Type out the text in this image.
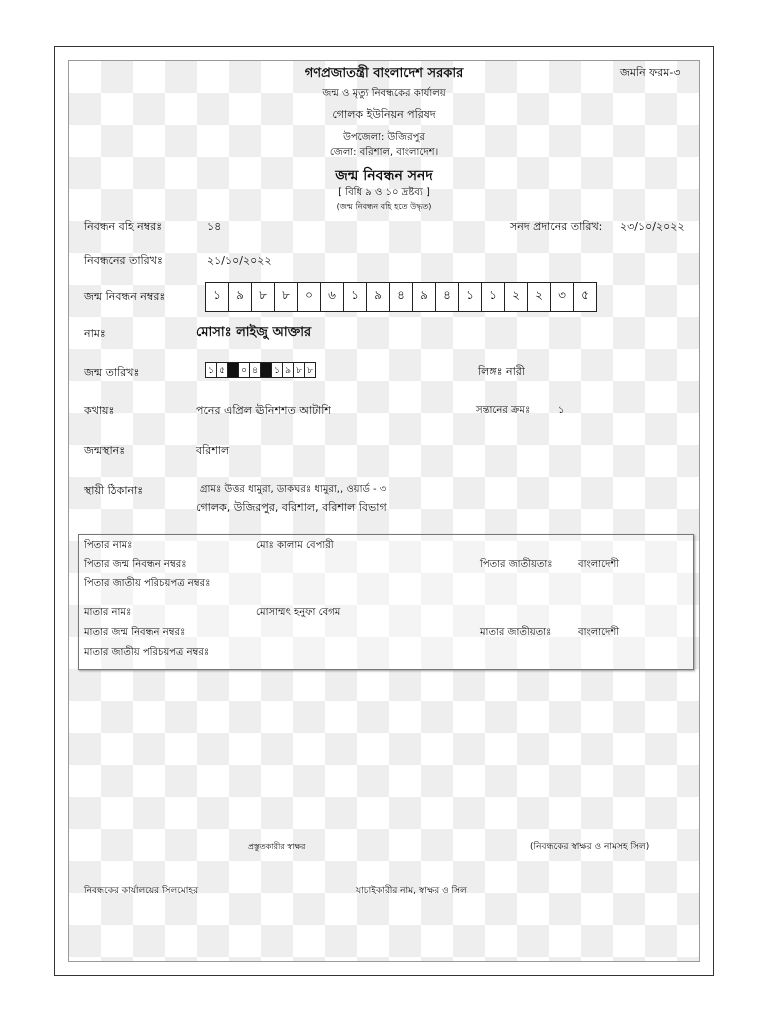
জমনি ফরম-৩
গণপ্রজাতন্ত্রী বাংলাদেশ সরকার
জন্ম ও মৃত্যু নিবন্ধকের কার্যালয়
গোলক ইউনিয়ন পরিষদ
উপজেলা: উজিরপুর
জেলা: বরিশাল, বাংলাদেশ।
জন্ম নিবন্ধন সনদ
[ বিধি ৯ ও ১০ দ্রষ্টব্য ]
(জন্ম নিবন্ধন বহি হতে উদ্ধৃত)
নিবন্ধন বহি নম্বরঃ	১৪	সনদ প্রদানের তারিখ: ২৩/১০/২০২২
নিবন্ধনের তারিখঃ	২১/১০/২০২২
জন্ম নিবন্ধন নম্বরঃ	১	৯	৮	৮	০	৬	১	৯	৪	৯	৪	১	১	২	২	৩	৫
নামঃ	মোসাঃ লাইজু আক্তার
জন্ম তারিখঃ	১ ৫	০ ৪	১ ৯ ৮ ৮	লিঙ্গঃ নারী
কথায়ঃ	পনের এপ্রিল ঊনিশশত আটাশি	সন্তানের ক্রমঃ	১
জন্মস্থানঃ	বরিশাল
স্থায়ী ঠিকানাঃ	গ্রামঃ উত্তর ধামুরা, ডাকঘরঃ ধামুরা,, ওয়ার্ড - ৩
গোলক, উজিরপুর, বরিশাল, বরিশাল বিভাগ
পিতার নামঃ	মোঃ কালাম বেপারী
পিতার জন্ম নিবন্ধন নম্বরঃ	পিতার জাতীয়তাঃ	বাংলাদেশী
পিতার জাতীয় পরিচয়পত্র নম্বরঃ
মাতার নামঃ	মোসাম্মৎ হনুফা বেগম
মাতার জন্ম নিবন্ধন নম্বরঃ	মাতার জাতীয়তাঃ	বাংলাদেশী
মাতার জাতীয় পরিচয়পত্র নম্বরঃ
প্রস্তুতকারীর স্বাক্ষর	(নিবন্ধকের স্বাক্ষর ও নামসহ সিল)
নিবন্ধকের কার্যালয়ের সিলমোহর	যাচাইকারীর নাম, স্বাক্ষর ও সিল
